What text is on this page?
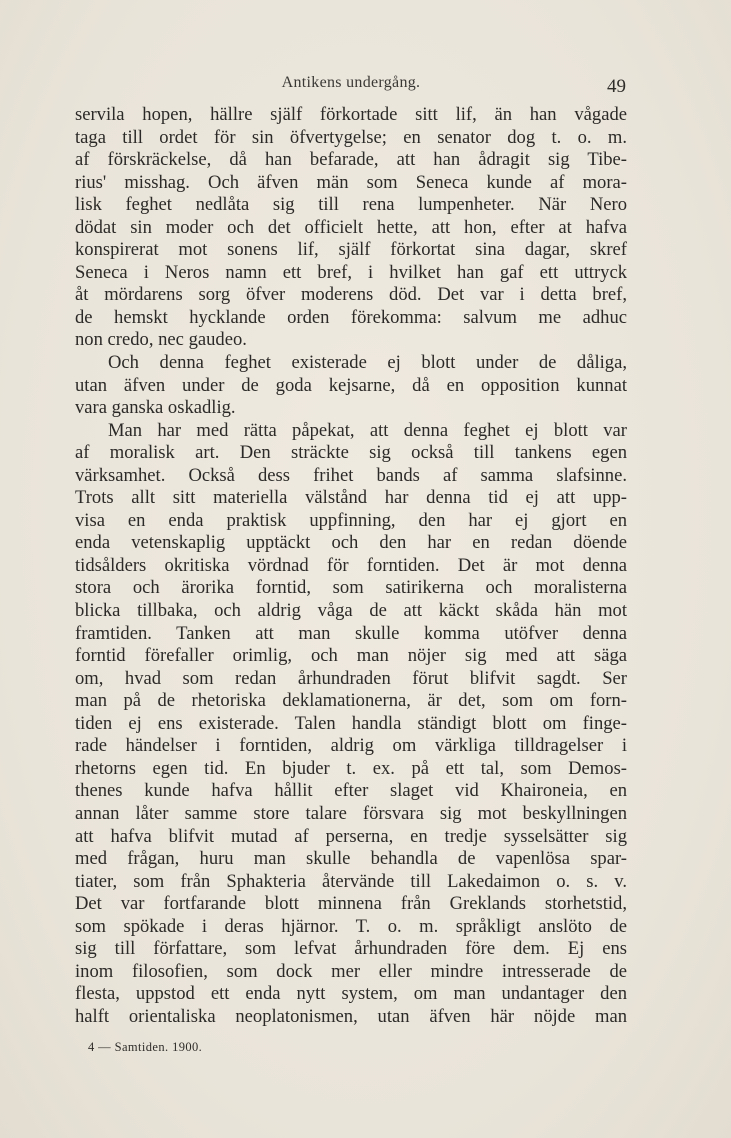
Antikens undergång.	49
servila hopen, hällre själf förkortade sitt lif, än han vågade
taga till ordet för sin öfvertygelse; en senator dog t. o. m.
af förskräckelse, då han befarade, att han ådragit sig Tibe-
rius' misshag. Och äfven män som Seneca kunde af mora-
lisk feghet nedlåta sig till rena lumpenheter. När Nero
dödat sin moder och det officielt hette, att hon, efter at hafva
konspirerat mot sonens lif, själf förkortat sina dagar, skref
Seneca i Neros namn ett bref, i hvilket han gaf ett uttryck
åt mördarens sorg öfver moderens död. Det var i detta bref,
de hemskt hycklande orden förekomma: salvum me adhuc
non credo, nec gaudeo.
Och denna feghet existerade ej blott under de dåliga,
utan äfven under de goda kejsarne, då en opposition kunnat
vara ganska oskadlig.
Man har med rätta påpekat, att denna feghet ej blott var
af moralisk art. Den sträckte sig också till tankens egen
värksamhet. Också dess frihet bands af samma slafsinne.
Trots allt sitt materiella välstånd har denna tid ej att upp-
visa en enda praktisk uppfinning, den har ej gjort en
enda vetenskaplig upptäckt och den har en redan döende
tidsålders okritiska vördnad för forntiden. Det är mot denna
stora och ärorika forntid, som satirikerna och moralisterna
blicka tillbaka, och aldrig våga de att käckt skåda hän mot
framtiden. Tanken att man skulle komma utöfver denna
forntid förefaller orimlig, och man nöjer sig med att säga
om, hvad som redan århundraden förut blifvit sagdt. Ser
man på de rhetoriska deklamationerna, är det, som om forn-
tiden ej ens existerade. Talen handla ständigt blott om finge-
rade händelser i forntiden, aldrig om värkliga tilldragelser i
rhetorns egen tid. En bjuder t. ex. på ett tal, som Demos-
thenes kunde hafva hållit efter slaget vid Khaironeia, en
annan låter samme store talare försvara sig mot beskyllningen
att hafva blifvit mutad af perserna, en tredje sysselsätter sig
med frågan, huru man skulle behandla de vapenlösa spar-
tiater, som från Sphakteria återvände till Lakedaimon o. s. v.
Det var fortfarande blott minnena från Greklands storhetstid,
som spökade i deras hjärnor. T. o. m. språkligt anslöto de
sig till författare, som lefvat århundraden före dem. Ej ens
inom filosofien, som dock mer eller mindre intresserade de
flesta, uppstod ett enda nytt system, om man undantager den
halft orientaliska neoplatonismen, utan äfven här nöjde man
4 — Samtiden. 1900.
